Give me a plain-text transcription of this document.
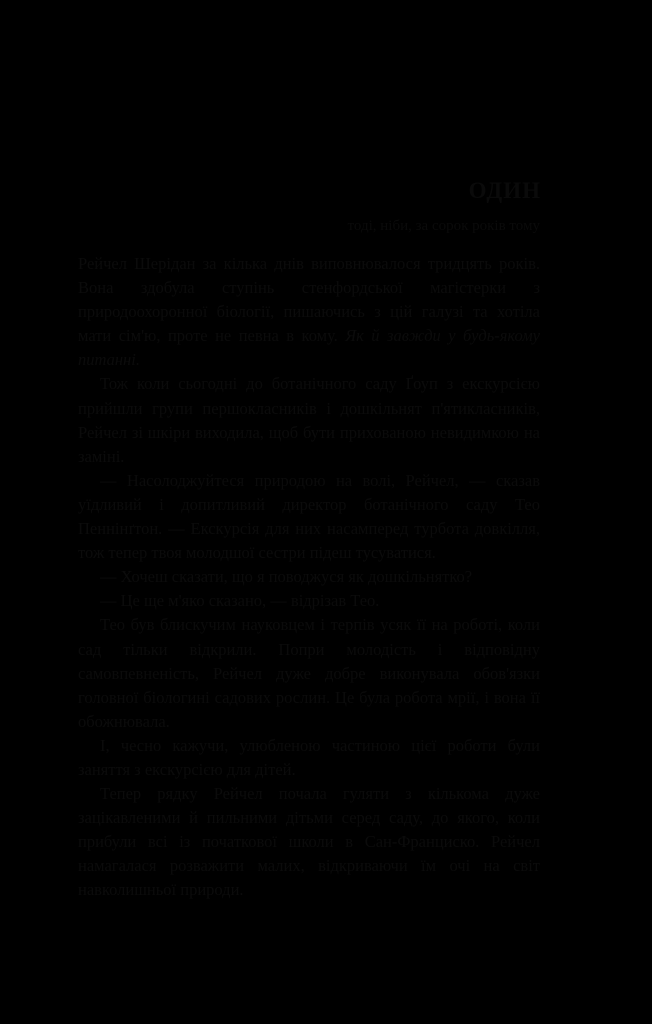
ОДИН
тоді, ніби, за сорок років тому

Рейчел Шерідан за кілька днів виповнювалося тридцять років. Вона здобула ступінь стенфордської магістерки з природоохоронної біології, пишаючись з цій галузі та хотіла мати сім'ю, проте не певна в кому. Як й завжди у будь-якому питанні.

Тож коли сьогодні до ботанічного саду Ґоуп з екскурсією прийшли групи першокласників і дошкільнят п'ятикласників, Рейчел зі шкіри виходила, щоб бути прихованою невидимкою на заміні.

— Насолоджуйтеся природою на волі, Рейчел, — сказав уїдливий і допитливий директор ботанічного саду Тео Пеннінґтон. — Екскурсія для них насамперед турбота довкілля, тож тепер твоя молодшої сестри підеш тусуватися.

— Хочеш сказати, що я поводжуся як дошкільнятко?

— Це ще м'яко сказано, — відрізав Тео.

Тео був блискучим науковцем і терпів усяк її на роботі, коли сад тільки відкрили. Попри молодість і відповідну самовпевненість, Рейчел дуже добре виконувала обов'язки головної біологині садових рослин. Це була робота мрії, і вона її обожнювала.

І, чесно кажучи, улюбленою частиною цієї роботи були заняття з екскурсією для дітей.

Тепер рядку Рейчел почала гуляти з кількома дуже зацікавленими й пильними дітьми серед саду, до якого, коли прибули всі із початкової школи в Сан-Франциско. Рейчел намагалася розважити малих, відкриваючи їм очі на світ навколишньої природи.
